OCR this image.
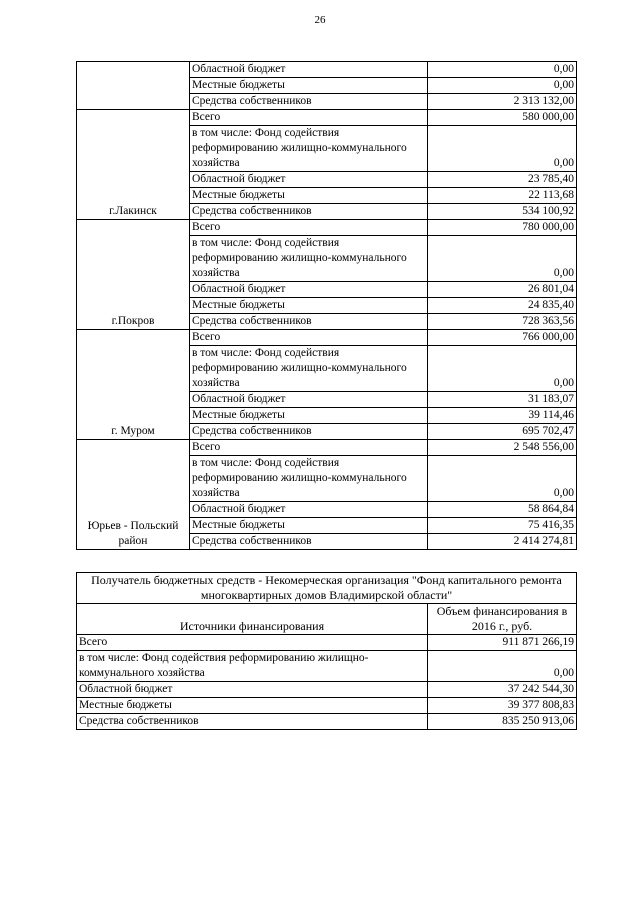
26
	Областной бюджет	0,00
	Местные бюджеты	0,00
	Средства собственников	2 313 132,00
г.Лакинск	Всего	580 000,00
	в том числе: Фонд содействия реформированию жилищно-коммунального хозяйства	0,00
	Областной бюджет	23 785,40
	Местные бюджеты	22 113,68
	Средства собственников	534 100,92
г.Покров	Всего	780 000,00
	в том числе: Фонд содействия реформированию жилищно-коммунального хозяйства	0,00
	Областной бюджет	26 801,04
	Местные бюджеты	24 835,40
	Средства собственников	728 363,56
г. Муром	Всего	766 000,00
	в том числе: Фонд содействия реформированию жилищно-коммунального хозяйства	0,00
	Областной бюджет	31 183,07
	Местные бюджеты	39 114,46
	Средства собственников	695 702,47
Юрьев - Польский район	Всего	2 548 556,00
	в том числе: Фонд содействия реформированию жилищно-коммунального хозяйства	0,00
	Областной бюджет	58 864,84
	Местные бюджеты	75 416,35
	Средства собственников	2 414 274,81
Получатель бюджетных средств - Некомерческая организация "Фонд капитального ремонта многоквартирных домов Владимирской области"	
Источники финансирования	Объем финансирования в 2016 г., руб.
Всего	911 871 266,19
в том числе: Фонд содействия реформированию жилищно-коммунального хозяйства	0,00
Областной бюджет	37 242 544,30
Местные бюджеты	39 377 808,83
Средства собственников	835 250 913,06
